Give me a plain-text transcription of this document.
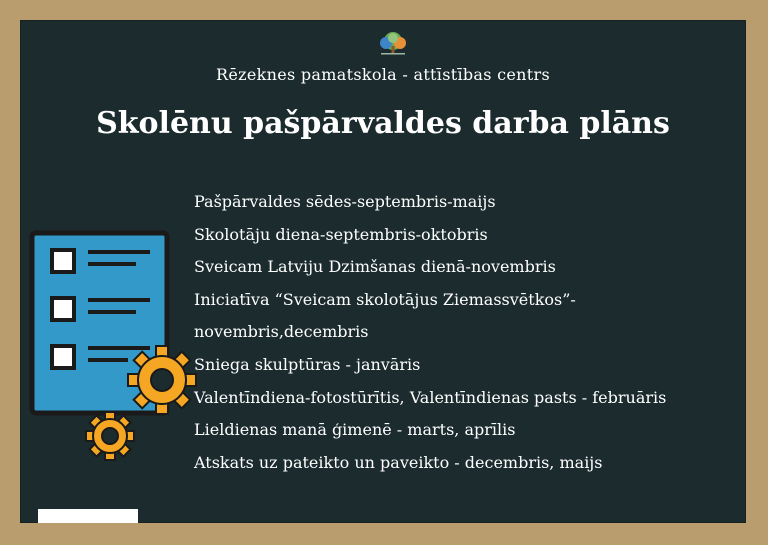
Rēzeknes pamatskola - attīstības centrs
Skolēnu pašpārvaldes darba plāns
Pašpārvaldes sēdes-septembris-maijs
Skolotāju diena-septembris-oktobris
Sveicam Latviju Dzimšanas dienā-novembris
Iniciatīva “Sveicam skolotājus Ziemassvētkos”-
novembris,decembris
Sniega skulptūras - janvāris
Valentīndiena-fotostūrītis, Valentīndienas pasts - februāris
Lieldienas manā ģimenē - marts, aprīlis
Atskats uz pateikto un paveikto - decembris, maijs
